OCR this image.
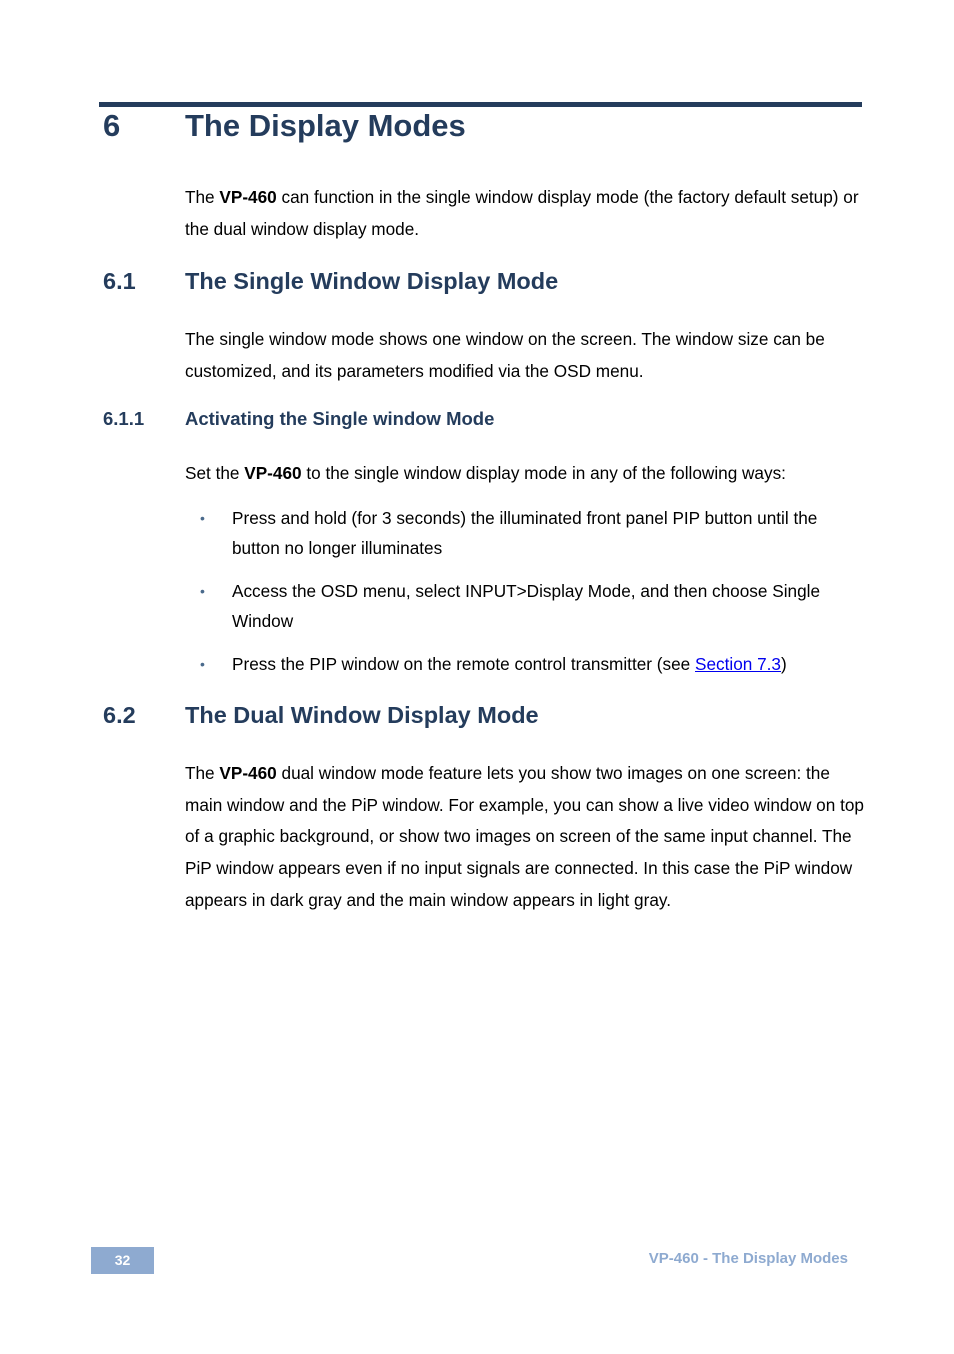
6 The Display Modes

The VP-460 can function in the single window display mode (the factory default setup) or the dual window display mode.

6.1 The Single Window Display Mode

The single window mode shows one window on the screen. The window size can be customized, and its parameters modified via the OSD menu.

6.1.1 Activating the Single window Mode

Set the VP-460 to the single window display mode in any of the following ways:

• Press and hold (for 3 seconds) the illuminated front panel PIP button until the button no longer illuminates
• Access the OSD menu, select INPUT>Display Mode, and then choose Single Window
• Press the PIP window on the remote control transmitter (see Section 7.3)
6.2 The Dual Window Display Mode

The VP-460 dual window mode feature lets you show two images on one screen: the main window and the PiP window. For example, you can show a live video window on top of a graphic background, or show two images on screen of the same input channel. The PiP window appears even if no input signals are connected. In this case the PiP window appears in dark gray and the main window appears in light gray.

32	VP-460 - The Display Modes
